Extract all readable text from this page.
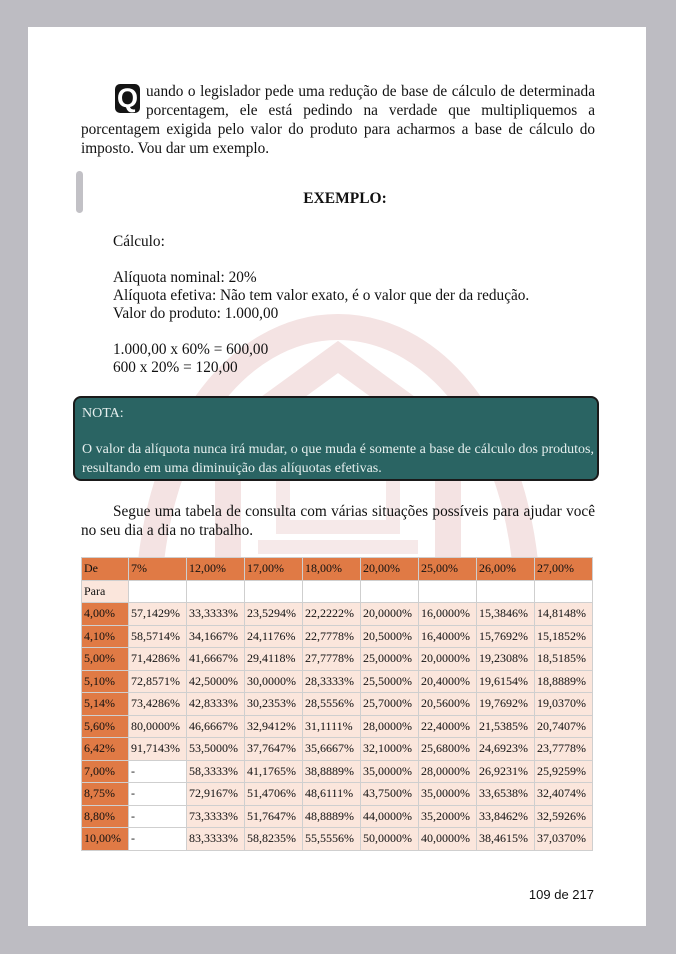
Q uando o legislador pede uma redução de base de cálculo de determinada porcentagem, ele está pedindo na verdade que multipliquemos a porcentagem exigida pelo valor do produto para acharmos a base de cálculo do imposto. Vou dar um exemplo.

EXEMPLO:

Cálculo:

Alíquota nominal: 20%

Alíquota efetiva: Não tem valor exato, é o valor que der da redução.

Valor do produto: 1.000,00

1.000,00 x 60% = 600,00

600 x 20% = 120,00

NOTA:
O valor da alíquota nunca irá mudar, o que muda é somente a base de cálculo dos produtos, resultando em uma diminuição das alíquotas efetivas.

Segue uma tabela de consulta com várias situações possíveis para ajudar você no seu dia a dia no trabalho.

De	7%	12,00%	17,00%	18,00%	20,00%	25,00%	26,00%	27,00%
Para								
4,00%	57,1429%	33,3333%	23,5294%	22,2222%	20,0000%	16,0000%	15,3846%	14,8148%
4,10%	58,5714%	34,1667%	24,1176%	22,7778%	20,5000%	16,4000%	15,7692%	15,1852%
5,00%	71,4286%	41,6667%	29,4118%	27,7778%	25,0000%	20,0000%	19,2308%	18,5185%
5,10%	72,8571%	42,5000%	30,0000%	28,3333%	25,5000%	20,4000%	19,6154%	18,8889%
5,14%	73,4286%	42,8333%	30,2353%	28,5556%	25,7000%	20,5600%	19,7692%	19,0370%
5,60%	80,0000%	46,6667%	32,9412%	31,1111%	28,0000%	22,4000%	21,5385%	20,7407%
6,42%	91,7143%	53,5000%	37,7647%	35,6667%	32,1000%	25,6800%	24,6923%	23,7778%
7,00%	-	58,3333%	41,1765%	38,8889%	35,0000%	28,0000%	26,9231%	25,9259%
8,75%	-	72,9167%	51,4706%	48,6111%	43,7500%	35,0000%	33,6538%	32,4074%
8,80%	-	73,3333%	51,7647%	48,8889%	44,0000%	35,2000%	33,8462%	32,5926%
10,00%	-	83,3333%	58,8235%	55,5556%	50,0000%	40,0000%	38,4615%	37,0370%
109 de 217
